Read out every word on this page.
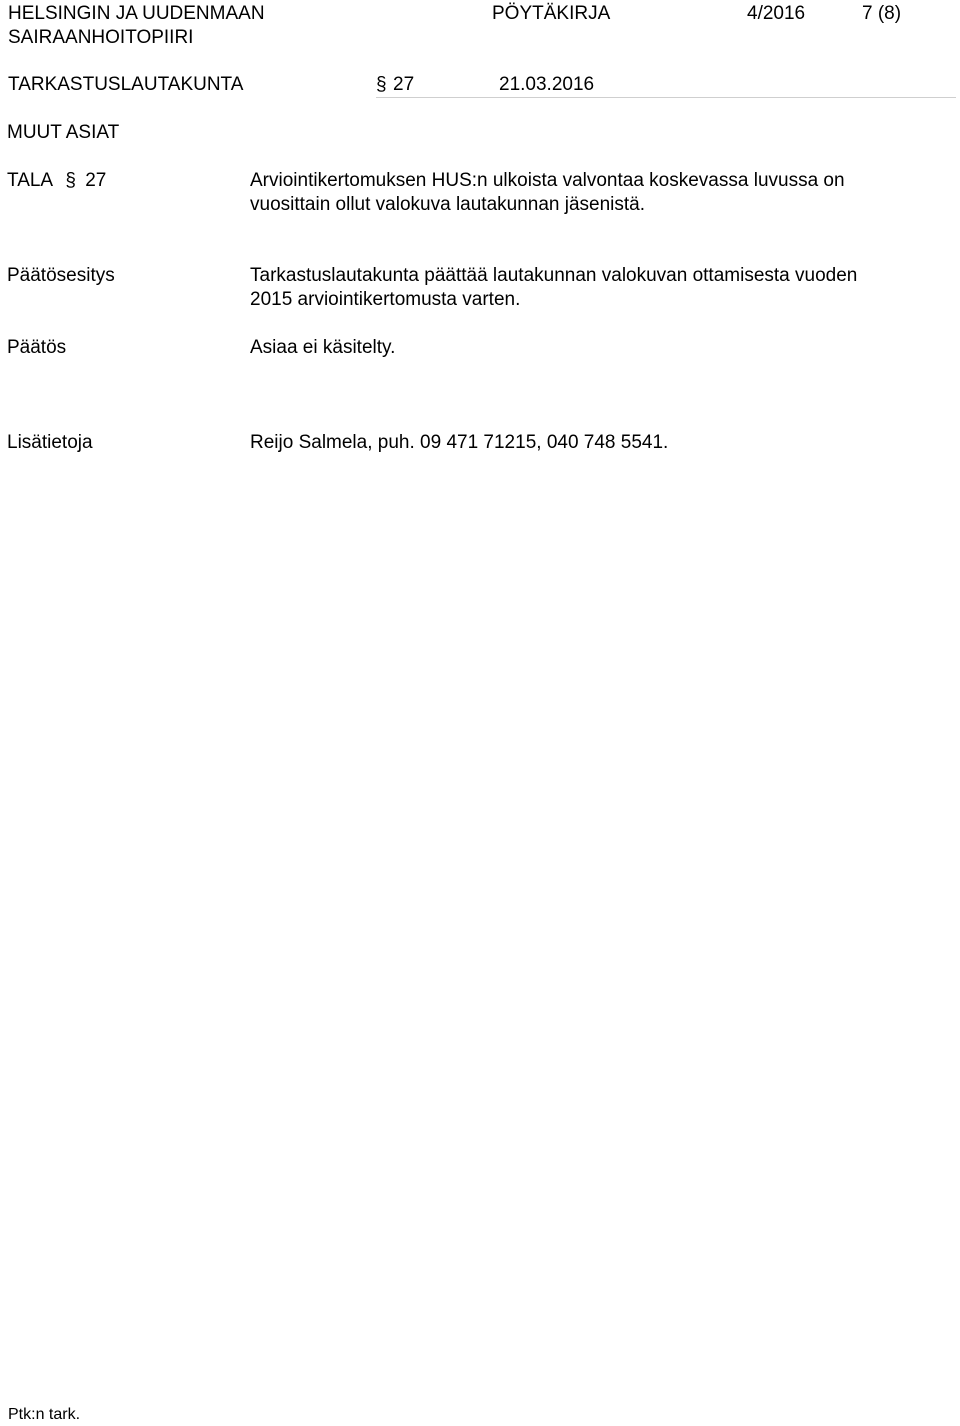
HELSINGIN JA UUDENMAAN
SAIRAANHOITOPIIRI
PÖYTÄKIRJA	4/2016	7 (8)
TARKASTUSLAUTAKUNTA	§ 27	21.03.2016
MUUT ASIAT
TALA § 27	Arviointikertomuksen HUS:n ulkoista valvontaa koskevassa luvussa on
vuosittain ollut valokuva lautakunnan jäsenistä.
Päätösesitys	Tarkastuslautakunta päättää lautakunnan valokuvan ottamisesta vuoden
2015 arviointikertomusta varten.
Päätös	Asiaa ei käsitelty.
Lisätietoja	Reijo Salmela, puh. 09 471 71215, 040 748 5541.
Ptk:n tark.
